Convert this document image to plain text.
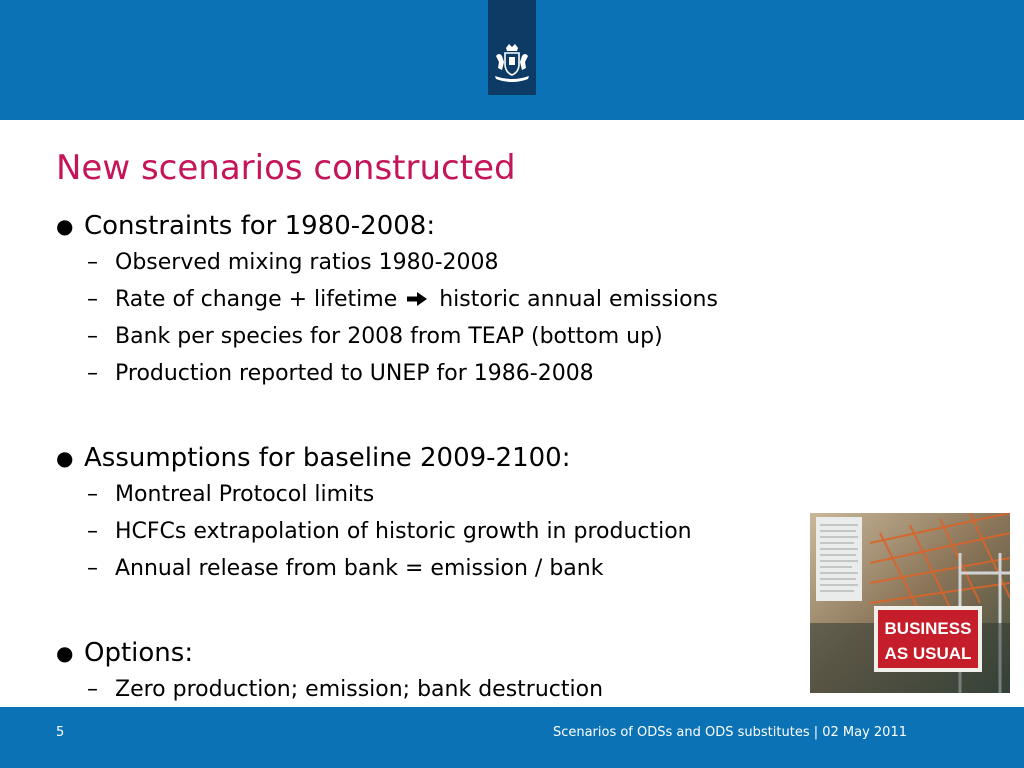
New scenarios constructed
● Constraints for 1980-2008:
– Observed mixing ratios 1980-2008
– Rate of change + lifetime historic annual emissions
– Bank per species for 2008 from TEAP (bottom up)
– Production reported to UNEP for 1986-2008
● Assumptions for baseline 2009-2100:
– Montreal Protocol limits
– HCFCs extrapolation of historic growth in production
– Annual release from bank = emission / bank
● Options:
– Zero production; emission; bank destruction
BUSINESS
AS USUAL
5	Scenarios of ODSs and ODS substitutes | 02 May 2011
